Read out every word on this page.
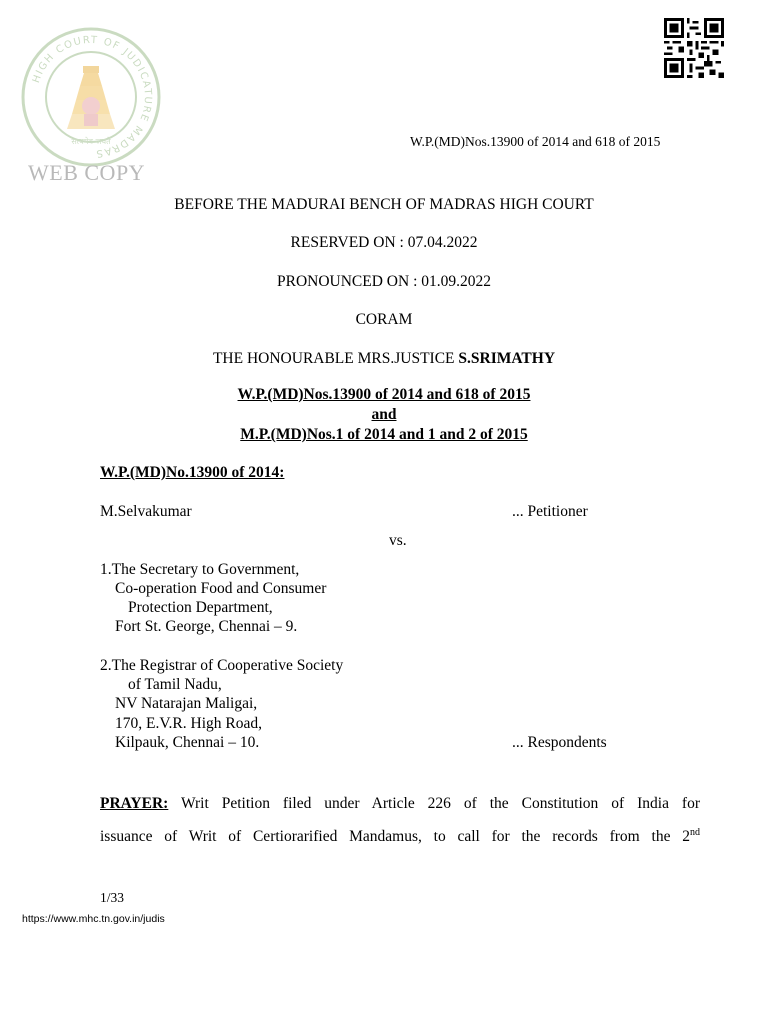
HIGH COURT OF JUDICATURE MADRAS
सत्यमेव जयते
WEB COPY
W.P.(MD)Nos.13900 of 2014 and 618 of 2015
BEFORE THE MADURAI BENCH OF MADRAS HIGH COURT
RESERVED ON : 07.04.2022
PRONOUNCED ON : 01.09.2022
CORAM
THE HONOURABLE MRS.JUSTICE S.SRIMATHY
W.P.(MD)Nos.13900 of 2014 and 618 of 2015
and
M.P.(MD)Nos.1 of 2014 and 1 and 2 of 2015
W.P.(MD)No.13900 of 2014:
M.Selvakumar	... Petitioner
vs.
1.The Secretary to Government,
Co-operation Food and Consumer
Protection Department,
Fort St. George, Chennai – 9.
2.The Registrar of Cooperative Society
of Tamil Nadu,
NV Natarajan Maligai,
170, E.V.R. High Road,
Kilpauk, Chennai – 10.	... Respondents
PRAYER: Writ Petition filed under Article 226 of the Constitution of India for
issuance of Writ of Certiorarified Mandamus, to call for the records from the 2nd
1/33
https://www.mhc.tn.gov.in/judis
